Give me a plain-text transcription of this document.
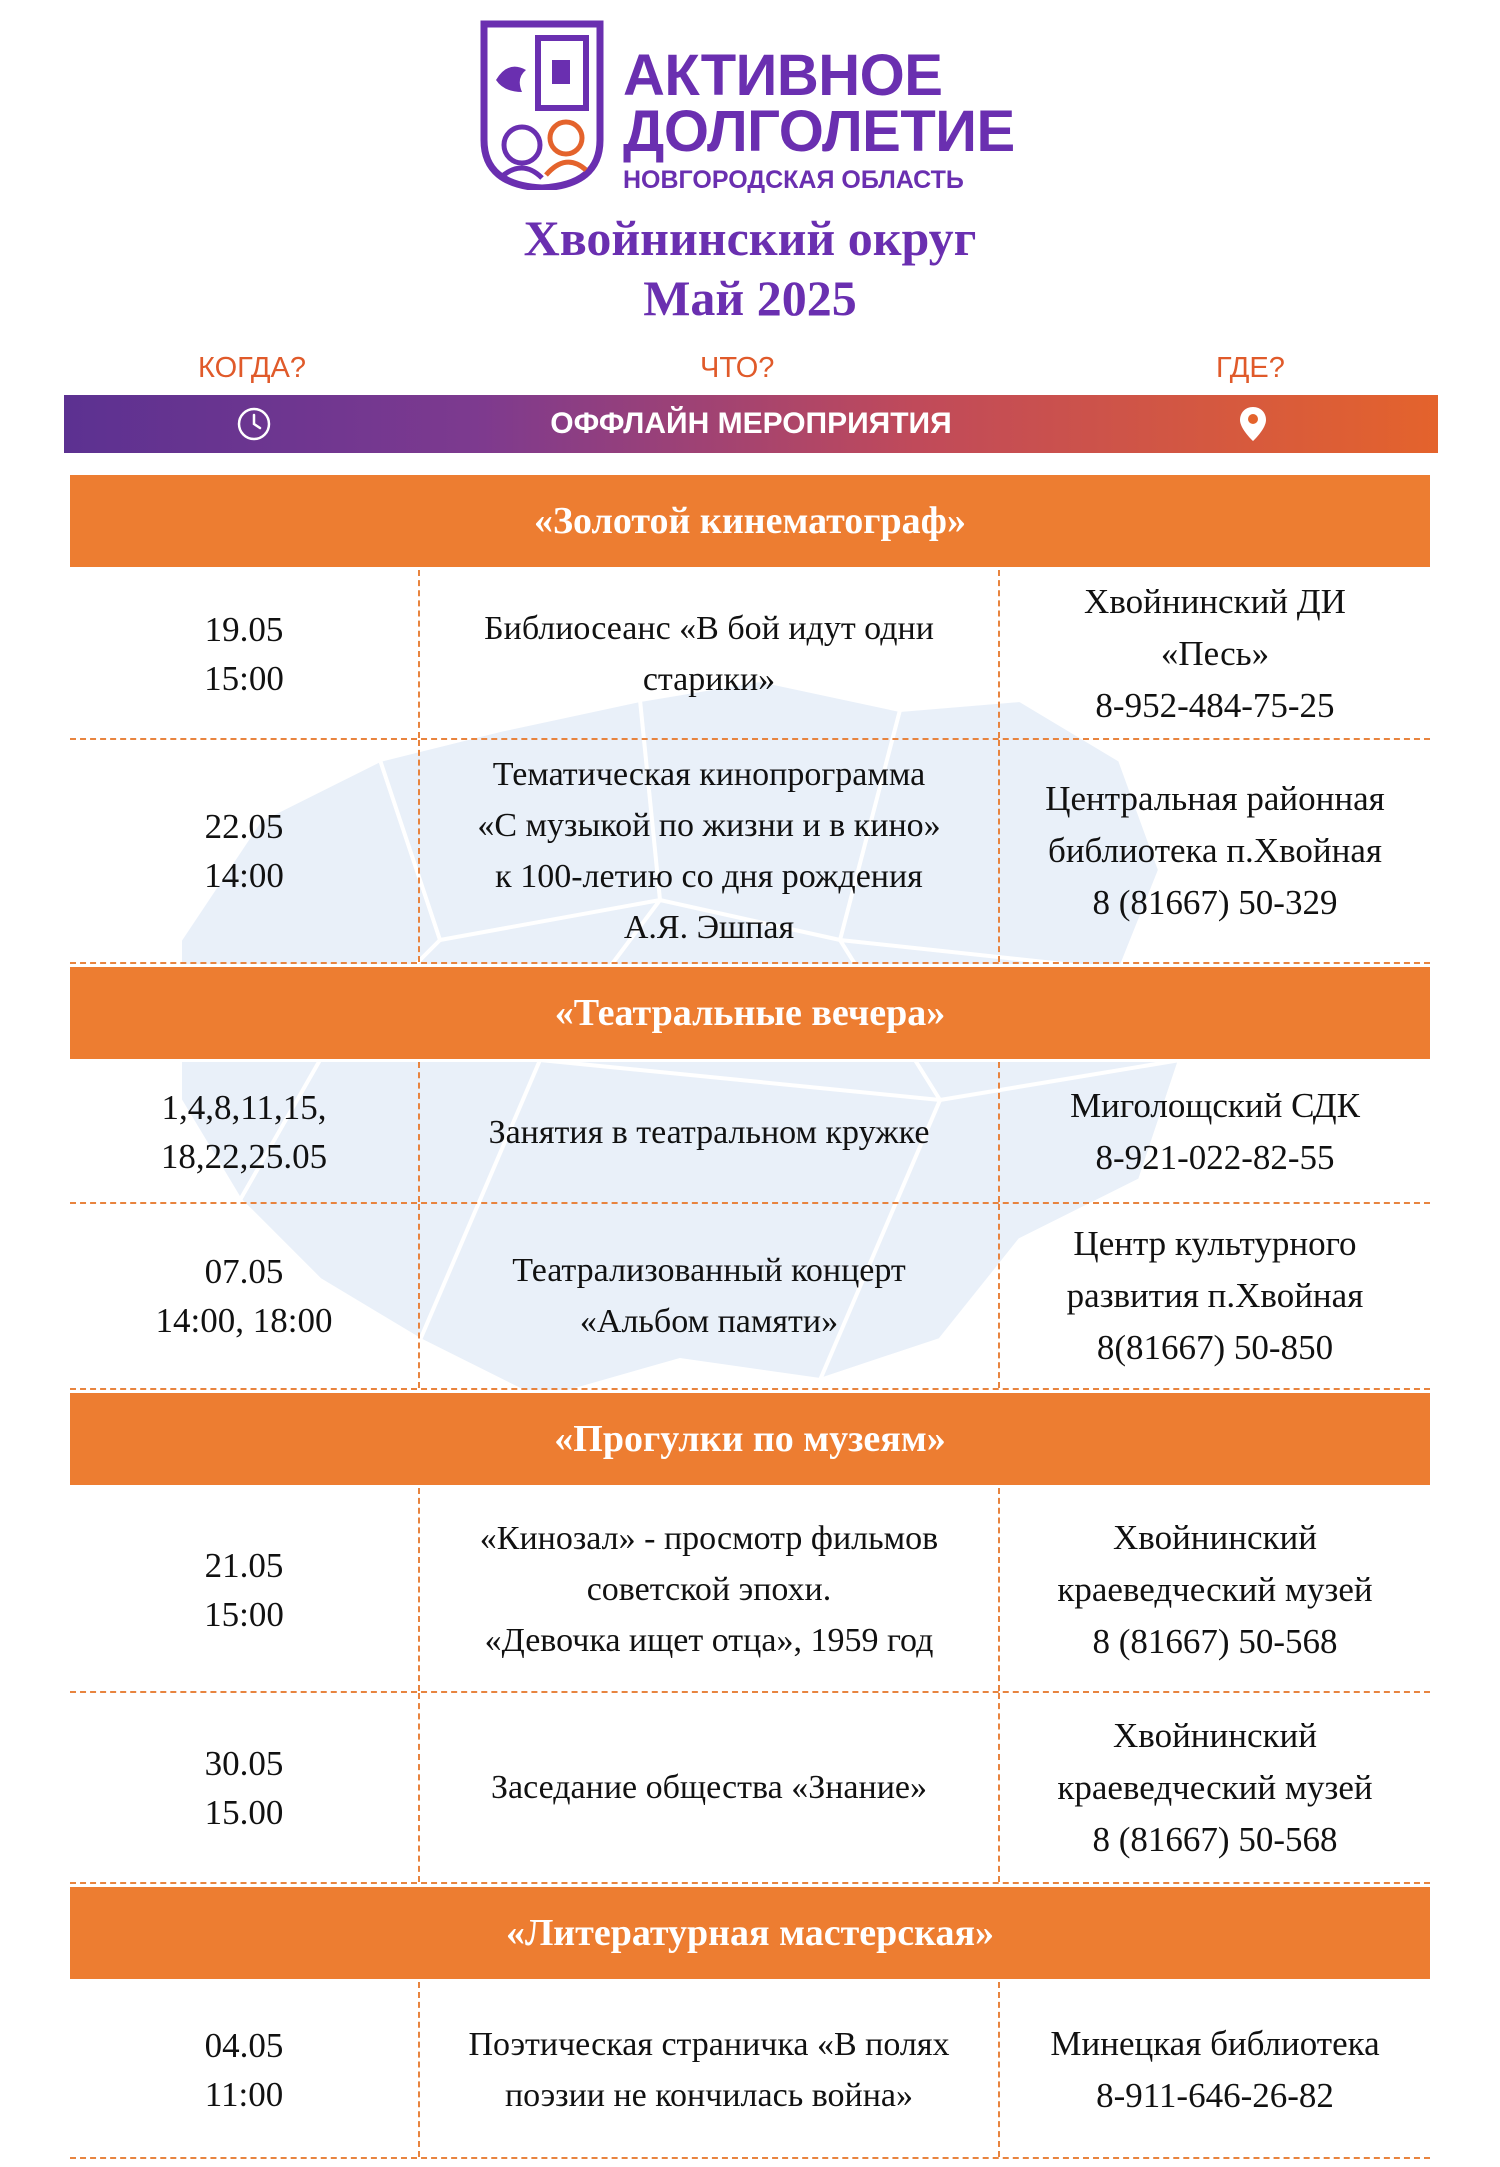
АКТИВНОЕ
ДОЛГОЛЕТИЕ
НОВГОРОДСКАЯ ОБЛАСТЬ
Хвойнинский округ
Май 2025
КОГДА?	ЧТО?	ГДЕ?
ОФФЛАЙН МЕРОПРИЯТИЯ
«Золотой кинематограф»
19.05
15:00
Библиосеанс «В бой идут одни
старики»
Хвойнинский ДИ
«Песь»
8-952-484-75-25
22.05
14:00
Тематическая кинопрограмма
«С музыкой по жизни и в кино»
к 100-летию со дня рождения
А.Я. Эшпая
Центральная районная
библиотека п.Хвойная
8 (81667) 50-329
«Театральные вечера»
1,4,8,11,15,
18,22,25.05
Занятия в театральном кружке
Миголощский СДК
8-921-022-82-55
07.05
14:00, 18:00
Театрализованный концерт
«Альбом памяти»
Центр культурного
развития п.Хвойная
8(81667) 50-850
«Прогулки по музеям»
21.05
15:00
«Кинозал» - просмотр фильмов
советской эпохи.
«Девочка ищет отца», 1959 год
Хвойнинский
краеведческий музей
8 (81667) 50-568
30.05
15.00
Заседание общества «Знание»
Хвойнинский
краеведческий музей
8 (81667) 50-568
«Литературная мастерская»
04.05
11:00
Поэтическая страничка «В полях
поэзии не кончилась война»
Минецкая библиотека
8-911-646-26-82
